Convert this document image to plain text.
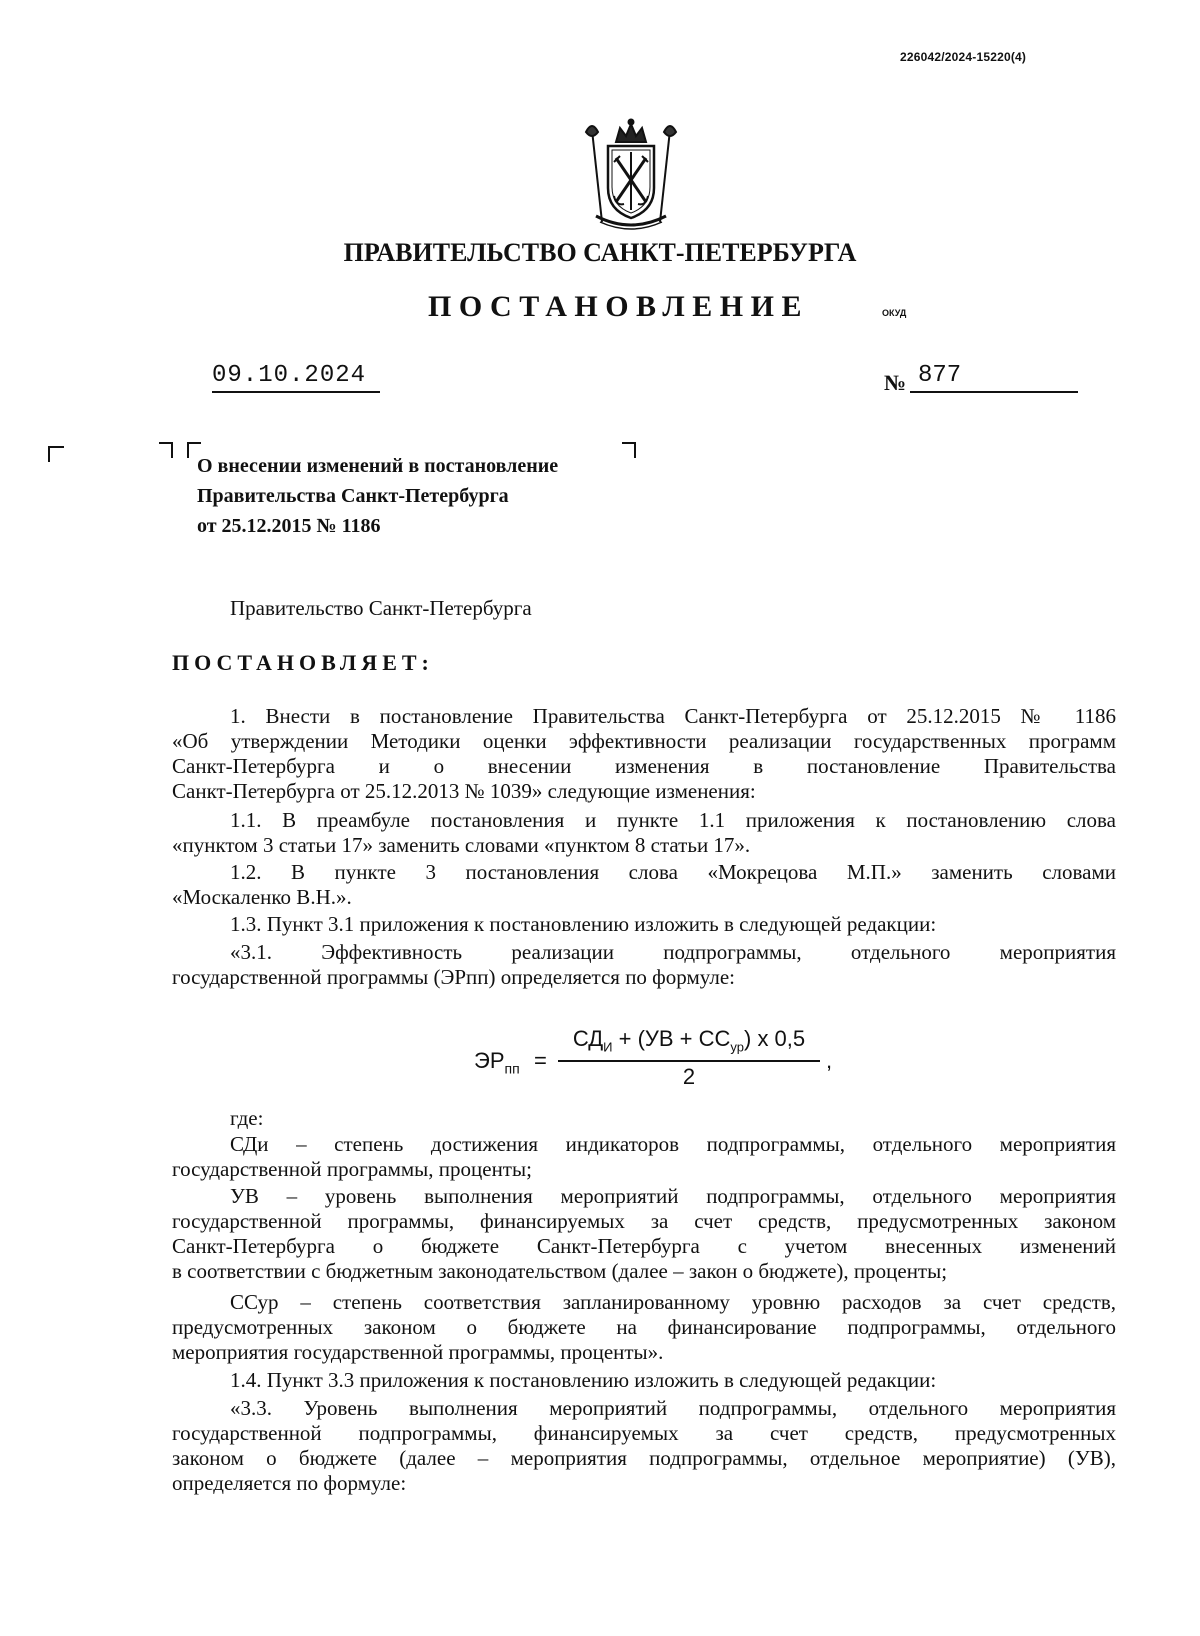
226042/2024-15220(4)
ПРАВИТЕЛЬСТВО САНКТ-ПЕТЕРБУРГА
ПОСТАНОВЛЕНИЕ	ОКУД
09.10.2024	№ 877
О внесении изменений в постановление
Правительства Санкт-Петербурга
от 25.12.2015 № 1186
Правительство Санкт-Петербурга
ПОСТАНОВЛЯЕТ:
1. Внести в постановление Правительства Санкт-Петербурга от 25.12.2015 № 1186
«Об утверждении Методики оценки эффективности реализации государственных программ
Санкт-Петербурга и о внесении изменения в постановление Правительства
Санкт-Петербурга от 25.12.2013 № 1039» следующие изменения:
1.1. В преамбуле постановления и пункте 1.1 приложения к постановлению слова
«пунктом 3 статьи 17» заменить словами «пунктом 8 статьи 17».
1.2. В пункте 3 постановления слова «Мокрецова М.П.» заменить словами
«Москаленко В.Н.».
1.3. Пункт 3.1 приложения к постановлению изложить в следующей редакции:
«3.1. Эффективность реализации подпрограммы, отдельного мероприятия
государственной программы (ЭРпп) определяется по формуле:
$ЭР_{пп}$ =
$СД_И + (УВ + СС_{ур})$ x 0,5
2
,
где:
СДи – степень достижения индикаторов подпрограммы, отдельного мероприятия
государственной программы, проценты;
УВ – уровень выполнения мероприятий подпрограммы, отдельного мероприятия
государственной программы, финансируемых за счет средств, предусмотренных законом
Санкт-Петербурга о бюджете Санкт-Петербурга с учетом внесенных изменений
в соответствии с бюджетным законодательством (далее – закон о бюджете), проценты;
ССур – степень соответствия запланированному уровню расходов за счет средств,
предусмотренных законом о бюджете на финансирование подпрограммы, отдельного
мероприятия государственной программы, проценты».
1.4. Пункт 3.3 приложения к постановлению изложить в следующей редакции:
«3.3. Уровень выполнения мероприятий подпрограммы, отдельного мероприятия
государственной подпрограммы, финансируемых за счет средств, предусмотренных
законом о бюджете (далее – мероприятия подпрограммы, отдельное мероприятие) (УВ),
определяется по формуле:
